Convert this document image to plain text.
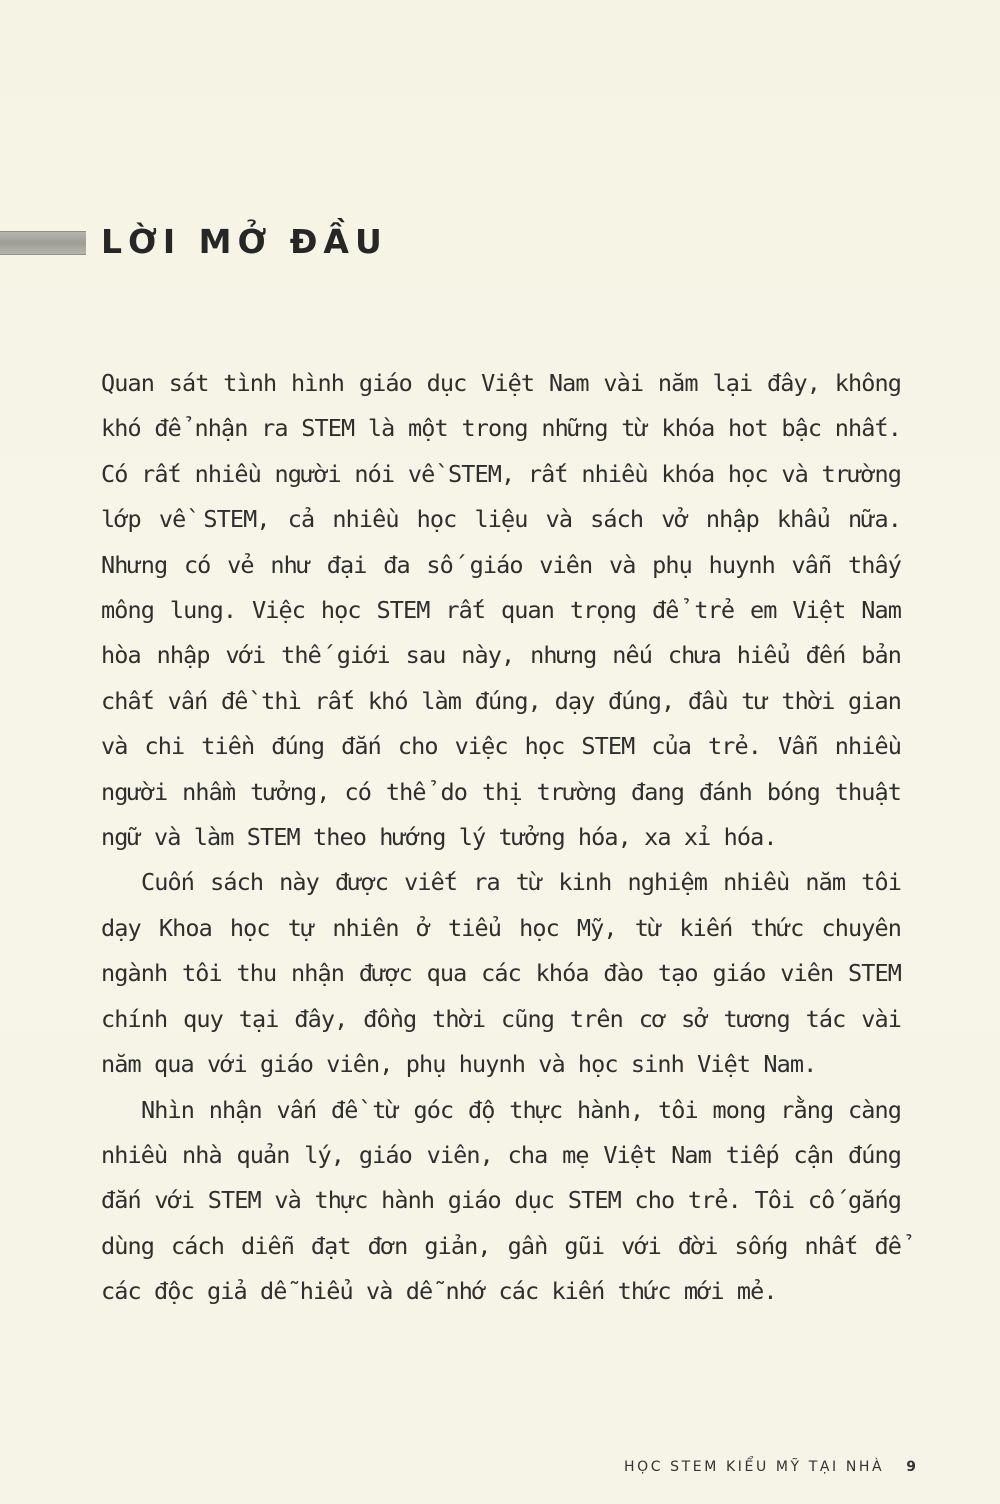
LỜI MỞ ĐẦU

Quan sát tình hình giáo dục Việt Nam vài năm lại đây, không khó để nhận ra STEM là một trong những từ khóa hot bậc nhất. Có rất nhiều người nói về STEM, rất nhiều khóa học và trường lớp về STEM, cả nhiều học liệu và sách vở nhập khẩu nữa. Nhưng có vẻ như đại đa số giáo viên và phụ huynh vẫn thấy mông lung. Việc học STEM rất quan trọng để trẻ em Việt Nam hòa nhập với thế giới sau này, nhưng nếu chưa hiểu đến bản chất vấn đề thì rất khó làm đúng, dạy đúng, đầu tư thời gian và chi tiền đúng đắn cho việc học STEM của trẻ. Vẫn nhiều người nhầm tưởng, có thể do thị trường đang đánh bóng thuật ngữ và làm STEM theo hướng lý tưởng hóa, xa xỉ hóa.

Cuốn sách này được viết ra từ kinh nghiệm nhiều năm tôi dạy Khoa học tự nhiên ở tiểu học Mỹ, từ kiến thức chuyên ngành tôi thu nhận được qua các khóa đào tạo giáo viên STEM chính quy tại đây, đồng thời cũng trên cơ sở tương tác vài năm qua với giáo viên, phụ huynh và học sinh Việt Nam.

Nhìn nhận vấn đề từ góc độ thực hành, tôi mong rằng càng nhiều nhà quản lý, giáo viên, cha mẹ Việt Nam tiếp cận đúng đắn với STEM và thực hành giáo dục STEM cho trẻ. Tôi cố gắng dùng cách diễn đạt đơn giản, gần gũi với đời sống nhất để các độc giả dễ hiểu và dễ nhớ các kiến thức mới mẻ.

HỌC STEM KIỂU MỸ TẠI NHÀ 9
